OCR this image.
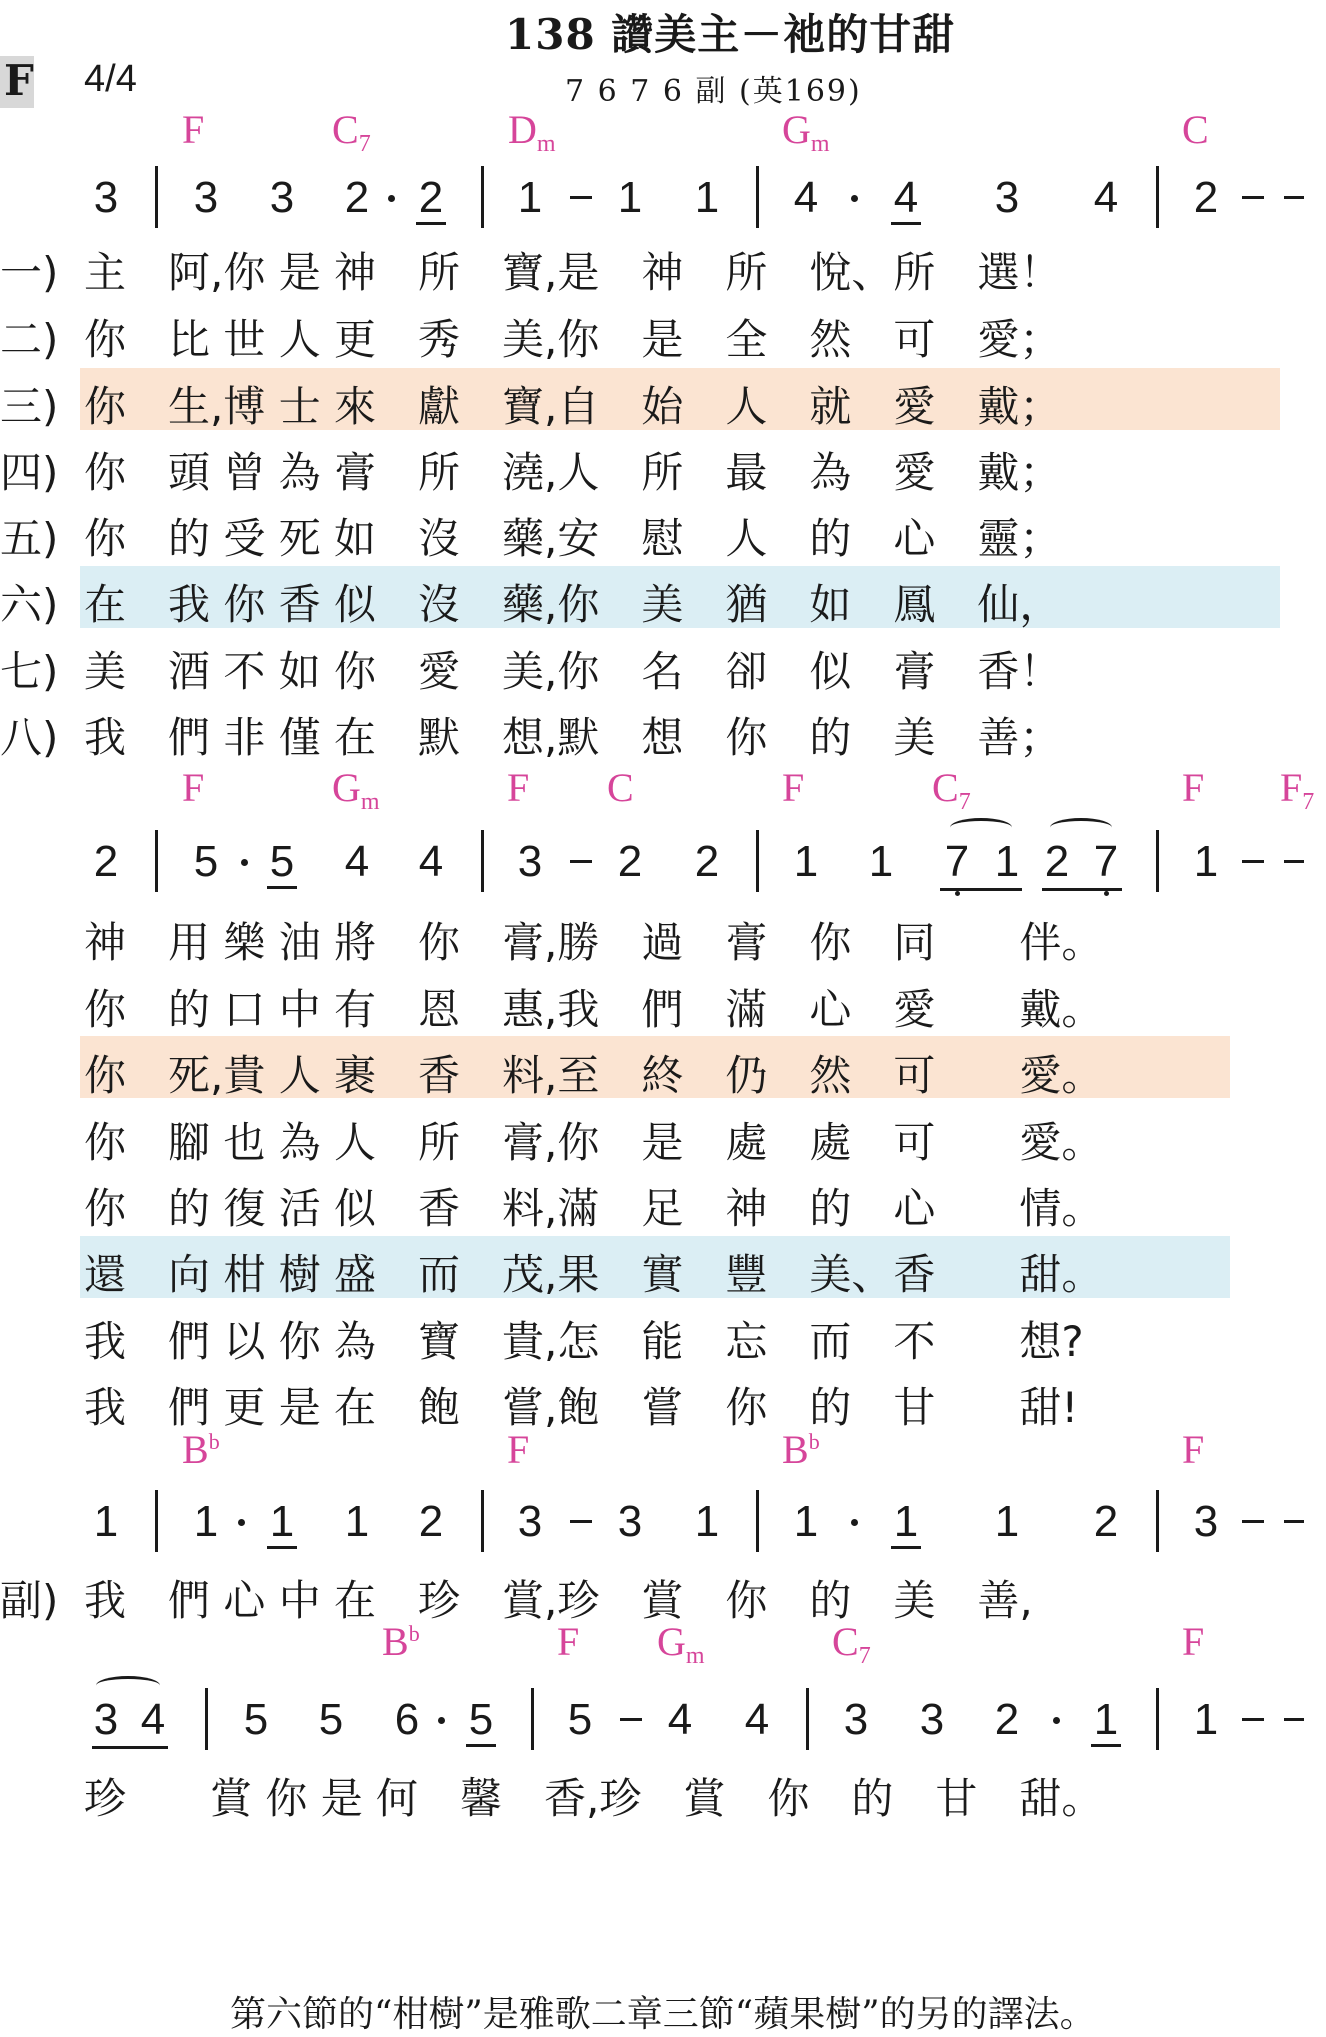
138 讚美主－祂的甘甜
7 6 7 6 副 (英169)
F 4/4
F	$C_7$	$D_m$	$G_m$	C
3 3 3 2 2 1 1 1 4 4 3 4 2
一)
二)
三)
四)
五)
六)
七)
八)
主　阿,你 是 神　所　寶,是　神　所　悅、所　選！
你　比 世 人 更　秀　美,你　是　全　然　可　愛；
你　生,博 士 來　獻　寶,自　始　人　就　愛　戴；
你　頭 曾 為 膏　所　澆,人　所　最　為　愛　戴；
你　的 受 死 如　沒　藥,安　慰　人　的　心　靈；
在　我 你 香 似　沒　藥,你　美　猶　如　鳳　仙，
美　酒 不 如 你　愛　美,你　名　卻　似　膏　香！
我　們 非 僅 在　默　想,默　想　你　的　美　善；
F	$G_m$	F C	F	$C_7$	F $F_7$
2 5 5 4 4 3 2 2 1 1 7 1 2 7 1
神　用 樂 油 將　你　膏,勝　過　膏　你　同　　伴。
你　的 口 中 有　恩　惠,我　們　滿　心　愛　　戴。
你　死,貴 人 裹　香　料,至　終　仍　然　可　　愛。
你　腳 也 為 人　所　膏,你　是　處　處　可　　愛。
你　的 復 活 似　香　料,滿　足　神　的　心　　情。
還　向 柑 樹 盛　而　茂,果　實　豐　美、香　　甜。
我　們 以 你 為　寶　貴,怎　能　忘　而　不　　想?
我　們 更 是 在　飽　嘗,飽　嘗　你　的　甘　　甜!
$B^b$	F	$B^b$	F
1 1 1 1 2 3 3 1 1 1 1 2 3
副) 我　們 心 中 在　珍　賞,珍　賞　你　的　美　善,
$B^b$	F $G_m$	$C_7$	F
3 4 5 5 6 5 5 4 4 3 3 2 1 1
珍　　賞 你 是 何　馨　香,珍　賞　你　的　甘　甜。
第六節的“柑樹”是雅歌二章三節“蘋果樹”的另的譯法。
